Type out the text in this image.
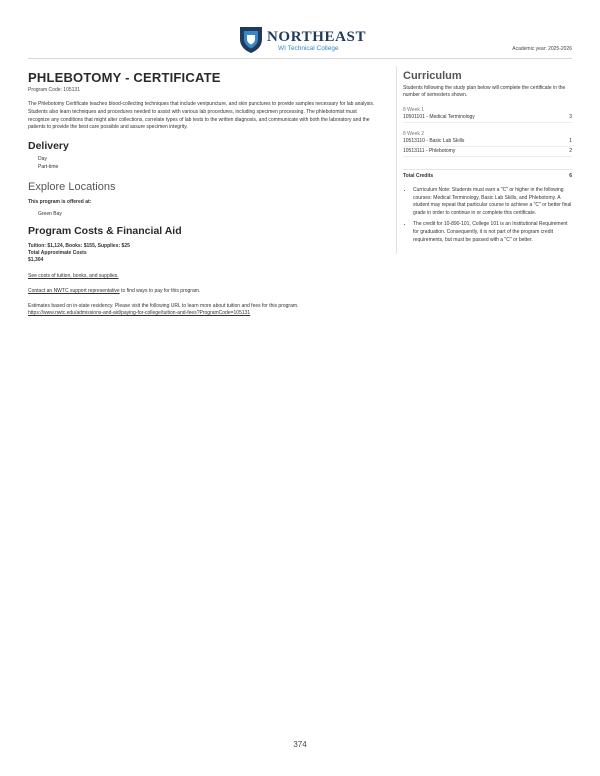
NORTHEAST
WI Technical College	Academic year: 2025-2026
PHLEBOTOMY - CERTIFICATE
Program Code: 105131
The Phlebotomy Certificate teaches blood-collecting techniques that include venipuncture, and skin punctures to provide samples necessary for lab analysis. Students also learn techniques and procedures needed to assist with various lab procedures, including specimen processing. The phlebotomist must recognize any conditions that might alter collections, correlate types of lab tests to the written diagnosis, and communicate with both the laboratory and the patients to provide the best care possible and assure specimen integrity.
Delivery
Day
Part-time
Explore Locations
This program is offered at:
Green Bay
Program Costs & Financial Aid
Tuition: $1,124, Books: $155, Supplies: $25
Total Approximate Costs
$1,304
See costs of tuition, books, and supplies.
Contact an NWTC support representative to find ways to pay for this program.
Estimates based on in-state residency. Please visit the following URL to learn more about tuition and fees for this program.
https://www.nwtc.edu/admissions-and-aid/paying-for-college/tuition-and-fees?ProgramCode=105131
Curriculum
Students following the study plan below will complete the certificate in the number of semesters shown.
8 Week 1
10501101 - Medical Terminology	3
8 Week 2
10513110 - Basic Lab Skills	1
10513111 - Phlebotomy	2
Total Credits	6
• Curriculum Note: Students must earn a "C" or higher in the following courses: Medical Terminology, Basic Lab Skills, and Phlebotomy. A student may repeat that particular course to achieve a "C" or better final grade in order to continue in or complete this certificate.
• The credit for 10-890-101, College 101 is an Institutional Requirement for graduation. Consequently, it is not part of the program credit requirements, but must be passed with a "C" or better.
374
